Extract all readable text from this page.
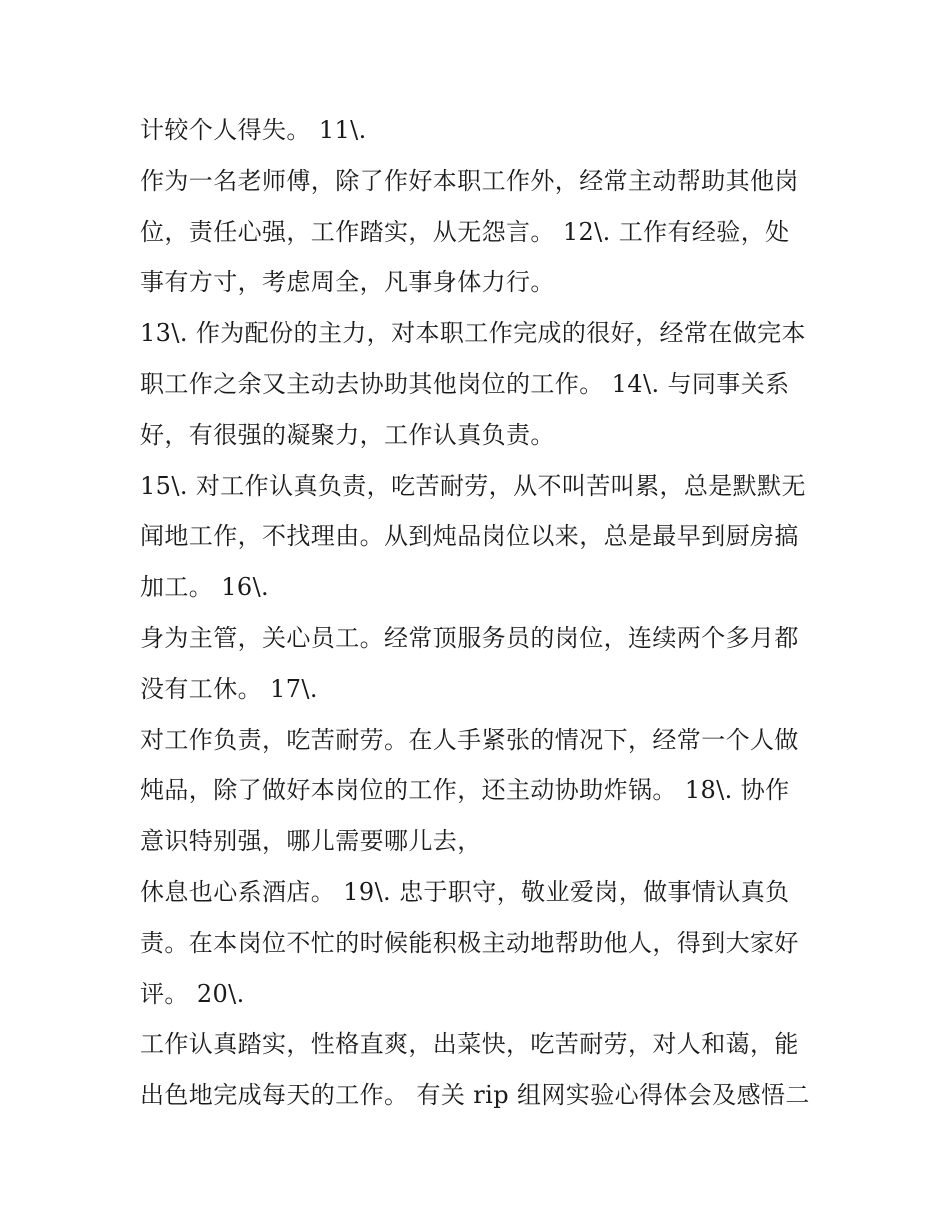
计较个人得失。 11\.
作为一名老师傅，除了作好本职工作外，经常主动帮助其他岗
位，责任心强，工作踏实，从无怨言。 12\. 工作有经验，处
事有方寸，考虑周全，凡事身体力行。
13\. 作为配份的主力，对本职工作完成的很好，经常在做完本
职工作之余又主动去协助其他岗位的工作。 14\. 与同事关系
好，有很强的凝聚力，工作认真负责。
15\. 对工作认真负责，吃苦耐劳，从不叫苦叫累，总是默默无
闻地工作，不找理由。从到炖品岗位以来，总是最早到厨房搞
加工。 16\.
身为主管，关心员工。经常顶服务员的岗位，连续两个多月都
没有工休。 17\.
对工作负责，吃苦耐劳。在人手紧张的情况下，经常一个人做
炖品，除了做好本岗位的工作，还主动协助炸锅。 18\. 协作
意识特别强，哪儿需要哪儿去，
休息也心系酒店。 19\. 忠于职守，敬业爱岗，做事情认真负
责。在本岗位不忙的时候能积极主动地帮助他人，得到大家好
评。 20\.
工作认真踏实，性格直爽，出菜快，吃苦耐劳，对人和蔼，能
出色地完成每天的工作。 有关 rip 组网实验心得体会及感悟二
